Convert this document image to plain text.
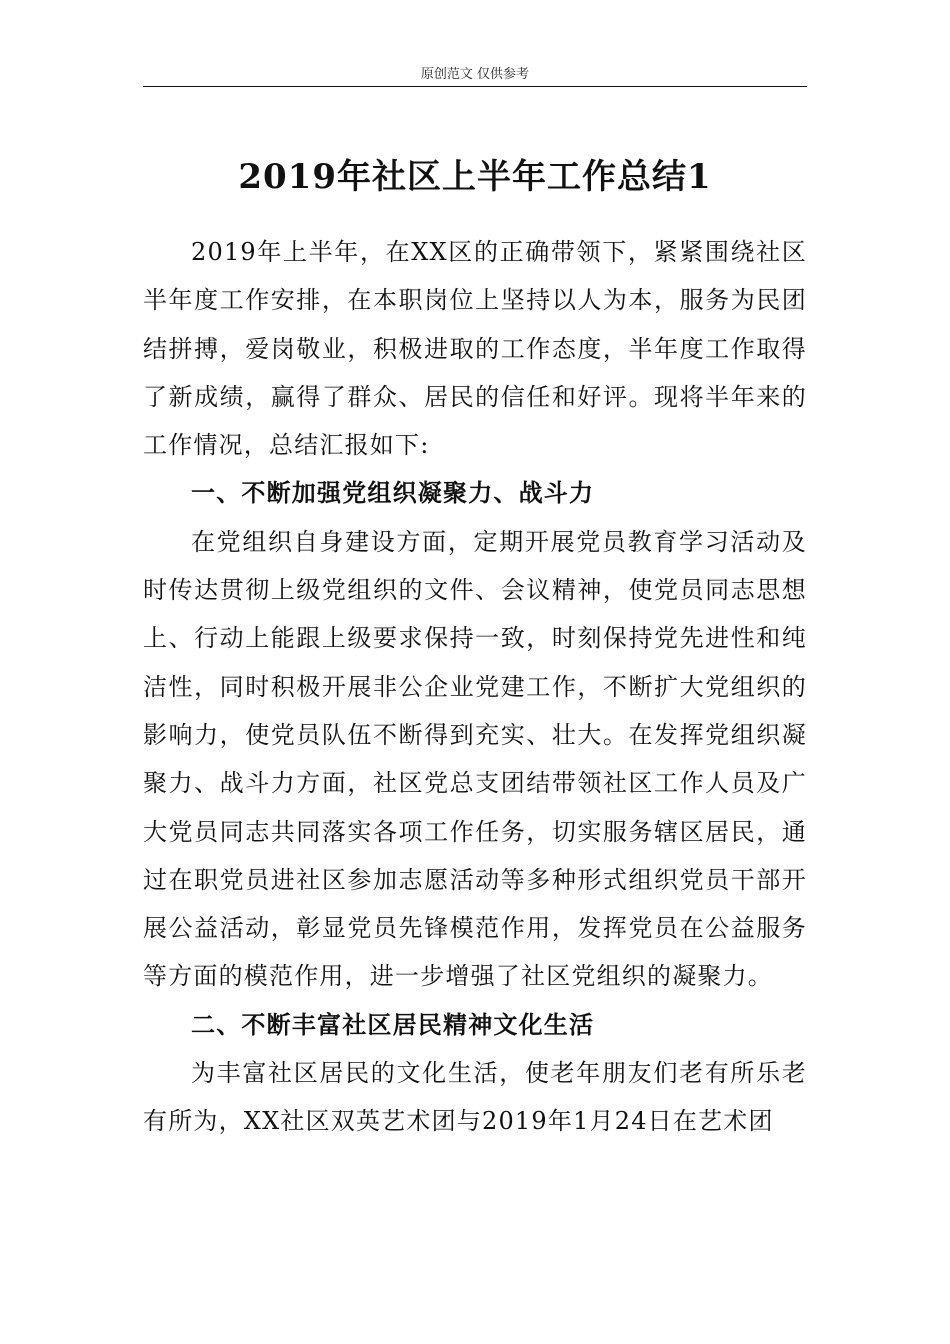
原创范文 仅供参考
2019年社区上半年工作总结1

2019年上半年，在XX区的正确带领下，紧紧围绕社区半年度工作安排，在本职岗位上坚持以人为本，服务为民团结拼搏，爱岗敬业，积极进取的工作态度，半年度工作取得了新成绩，赢得了群众、居民的信任和好评。现将半年来的工作情况，总结汇报如下:

一、不断加强党组织凝聚力、战斗力

在党组织自身建设方面，定期开展党员教育学习活动及时传达贯彻上级党组织的文件、会议精神，使党员同志思想上、行动上能跟上级要求保持一致，时刻保持党先进性和纯洁性，同时积极开展非公企业党建工作，不断扩大党组织的影响力，使党员队伍不断得到充实、壮大。在发挥党组织凝聚力、战斗力方面，社区党总支团结带领社区工作人员及广大党员同志共同落实各项工作任务，切实服务辖区居民，通过在职党员进社区参加志愿活动等多种形式组织党员干部开展公益活动，彰显党员先锋模范作用，发挥党员在公益服务等方面的模范作用，进一步增强了社区党组织的凝聚力。

二、不断丰富社区居民精神文化生活

为丰富社区居民的文化生活，使老年朋友们老有所乐老有所为，XX社区双英艺术团与2019年1月24日在艺术团
